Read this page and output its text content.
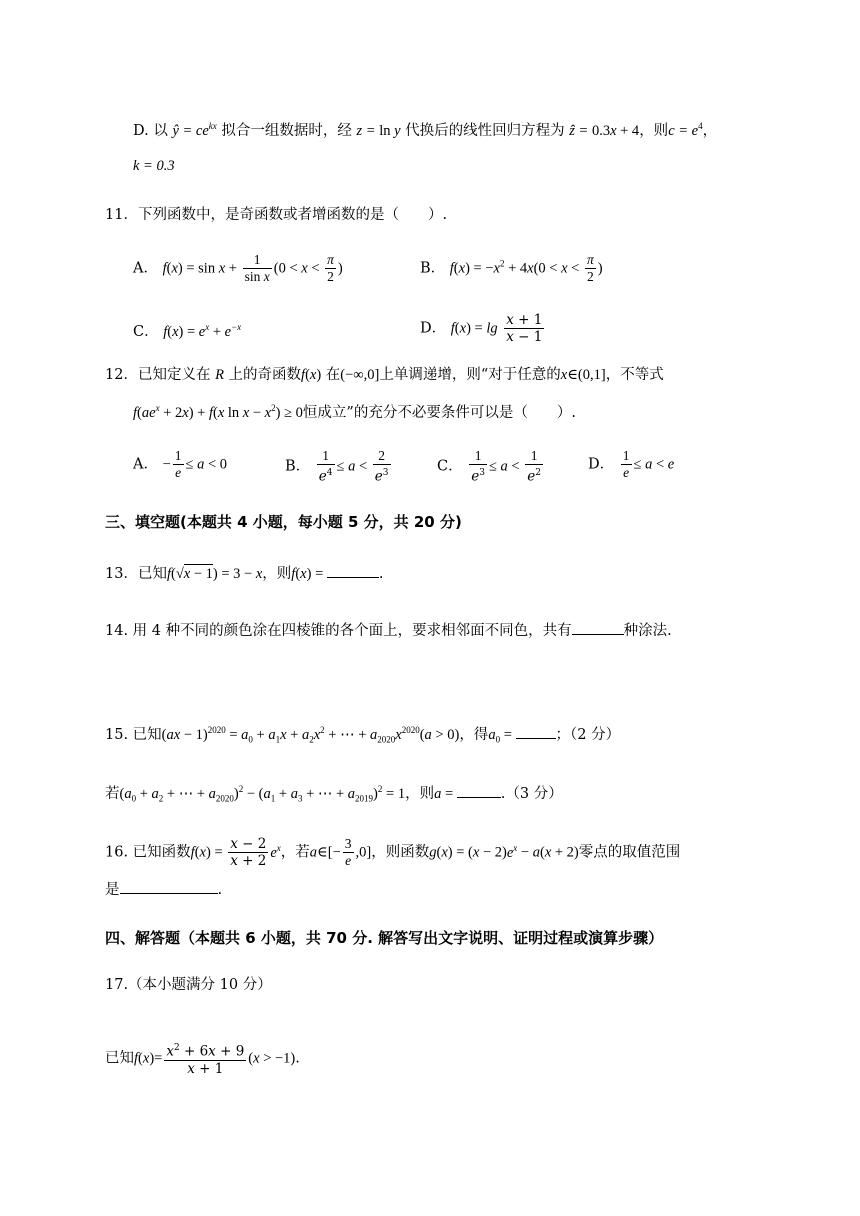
D. 以 ŷ = $ce^{kx}$ 拟合一组数据时，经 z = ln y 代换后的线性回归方程为 ẑ = 0.3x + 4，则$c = e^4$，
k = 0.3
11．下列函数中，是奇函数或者增函数的是（　　）.
A． $f(x) = \sin x + \frac{1}{\text{sin x}} (0 < x < \frac{\pi}{2}$ )	B． $f(x) = -x^2 + 4x(0 < x < \frac{\pi}{2}$ )
C． $f(x) = e^x + e^{-x}$	D． $f(x) = \lg \frac{x + 1}{x - 1}$
12．已知定义在 R 上的奇函数f(x) 在(−∞,0]上单调递增，则“对于任意的x∈(0,1]，不等式
$f(ae^x + 2x) + f(x$ $\ln x - x^2) \ge 0$恒成立”的充分不必要条件可以是（　　）.
A． − $\frac{1}{e} \le a < 0$	B． $\frac{1}{e^4} \le a < \frac{2}{e^3}$	C． $\frac{1}{e^3} \le a < \frac{1}{e^2}$	D． $\frac{1}{e} \le a < e$
三、填空题(本题共 4 小题，每小题 5 分，共 20 分)
13．已知f(√x − 1) = 3 − x，则f(x) =	.
14. 用 4 种不同的颜色涂在四棱锥的各个面上，要求相邻面不同色，共有	种涂法.
15. 已知$(ax - 1)^{2020} = a_0 + a_1x + a_2x^2$ + ⋯ + $a_{2020}x^{2020}(a > 0)$，得$a_0$ =	；（2 分）
若($a_0 + a_2$ + ⋯ + $a_{2020})^2 - (a_1 + a_3$ + ⋯ + $a_{2019})^2 = 1$，则a =	.（3 分）
16. 已知函数$f(x) = \frac{x - 2}{x + 2} e^x$，若a∈[− $\frac{3}{e} ,0$]，则函数$g(x) = (x - 2)e^x - a(x + 2)$零点的取值范围
是	.
四、解答题（本题共 6 小题，共 70 分. 解答写出文字说明、证明过程或演算步骤）
17.（本小题满分 10 分）
已知$f(x)= \frac{x^2 + 6x + 9}{x + 1} (x > -1)$.
